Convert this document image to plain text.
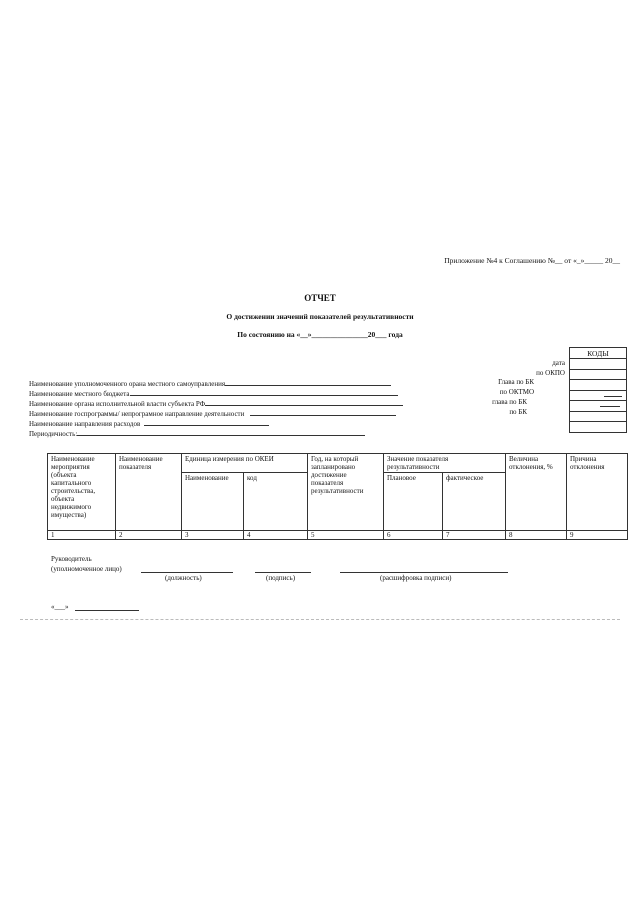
Приложение №4 к Соглашению №__ от «_»_____ 20__
ОТЧЕТ
О достижении значений показателей результативности
По состоянию на «__»_______________20___ года
КОДЫ

дата
по ОКПО
Глава по БК
по ОКТМО
глава по БК
по БК
Наименование уполномоченного орана местного самоуправления
Наименование местного бюджета
Наименование органа исполнительной власти субъекта РФ
Наименование госпрограммы/ непрограмное направление деятельности
Наименование направления расходов
Периодичность:
Наименование мероприятия (объекта капитального строительства, объекта недвижимого имущества)	Наименование показателя	Единица измерения по ОКЕИ		Год, на который запланировано достижение показателя результативности	Значение показателя результативности		Величина отклонения, %	Причина отклонения
		Наименование	код		Плановое	фактическое		
1	2	3	4	5	6	7	8	9
Руководитель
(уполномоченное лицо)
(должность)	(подпись)	(расшифровка подписи)
«___»
